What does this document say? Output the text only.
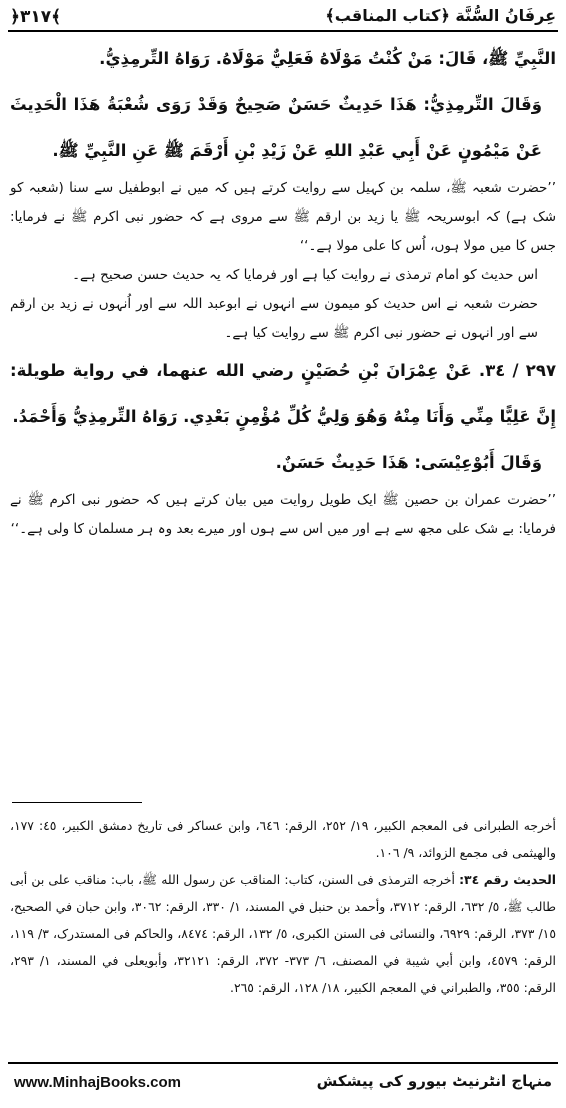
﴿٣١٧﴾	عِرفَانُ السُّنَّة ﴿كتاب المناقب﴾

النَّبِيِّ ﷺ، قَالَ: مَنْ كُنْتُ مَوْلَاهُ فَعَلِيٌّ مَوْلَاهُ. رَوَاهُ التِّرمِذِيُّ.

وَقَالَ التِّرمِذِيُّ: هَذَا حَدِيثٌ حَسَنٌ صَحِيحٌ وَقَدْ رَوَى شُعْبَةُ هَذَا الْحَدِيثَ عَنْ مَيْمُونٍ عَنْ أَبِي عَبْدِ اللهِ عَنْ زَيْدِ بْنِ أَرْقَمَ ﷺ عَنِ النَّبِيِّ ﷺ.

’’حضرت شعبہ ﷺ، سلمہ بن کہیل سے روایت کرتے ہیں کہ میں نے ابوطفیل سے سنا (شعبہ کو شک ہے) کہ ابوسریحہ ﷺ یا زید بن ارقم ﷺ سے مروی ہے کہ حضور نبی اکرم ﷺ نے فرمایا: جس کا میں مولا ہوں، اُس کا علی مولا ہے۔‘‘

اس حدیث کو امام ترمذی نے روایت کیا ہے اور فرمایا کہ یہ حدیث حسن صحیح ہے۔

حضرت شعبہ نے اس حدیث کو میمون سے انہوں نے ابوعبد اللہ سے اور اُنہوں نے زید بن ارقم سے اور انہوں نے حضور نبی اکرم ﷺ سے روایت کیا ہے۔

٢٩٧ / ٣٤. عَنْ عِمْرَانَ بْنِ حُصَيْنٍ رضي الله عنهما، في رواية طويلة: إِنَّ عَلِيًّا مِنِّي وَأَنَا مِنْهُ وَهُوَ وَلِيُّ كُلِّ مُؤْمِنٍ بَعْدِي. رَوَاهُ التِّرمِذِيُّ وَأَحْمَدُ.

وَقَالَ أَبُوْعِيْسَى: هَذَا حَدِيثٌ حَسَنٌ.

’’حضرت عمران بن حصین ﷺ ایک طویل روایت میں بیان کرتے ہیں کہ حضور نبی اکرم ﷺ نے فرمایا: بے شک علی مجھ سے ہے اور میں اس سے ہوں اور میرے بعد وہ ہر مسلمان کا ولی ہے۔‘‘

أخرجه الطبرانی فی المعجم الکبیر، ١٩/ ٢٥٢، الرقم: ٦٤٦، وابن عساکر فی تاريخ دمشق الکبیر، ٤٥: ١٧٧، والهيثمی فی مجمع الزوائد، ٩/ ١٠٦.

الحديث رقم ٣٤: أخرجه الترمذی فی السنن، کتاب: المناقب عن رسول الله ﷺ، باب: مناقب علی بن أبی طالب ﷺ، ٥/ ٦٣٢، الرقم: ٣٧١٢، وأحمد بن حنبل في المسند، ١/ ٣٣٠، الرقم: ٣٠٦٢، وابن حبان في الصحيح، ١٥/ ٣٧٣، الرقم: ٦٩٢٩، والنسائی فی السنن الکبری، ٥/ ١٣٢، الرقم: ٨٤٧٤، والحاکم فی المستدرک، ٣/ ١١٩، الرقم: ٤٥٧٩، وابن أبي شيبة في المصنف، ٦/ ٣٧٣- ٣٧٢، الرقم: ٣٢١٢١، وأبويعلی في المسند، ١/ ٢٩٣، الرقم: ٣٥٥، والطبراني في المعجم الکبير، ١٨/ ١٢٨، الرقم: ٢٦٥.

www.MinhajBooks.com	منہاج انٹرنیٹ بیورو کی پیشکش
